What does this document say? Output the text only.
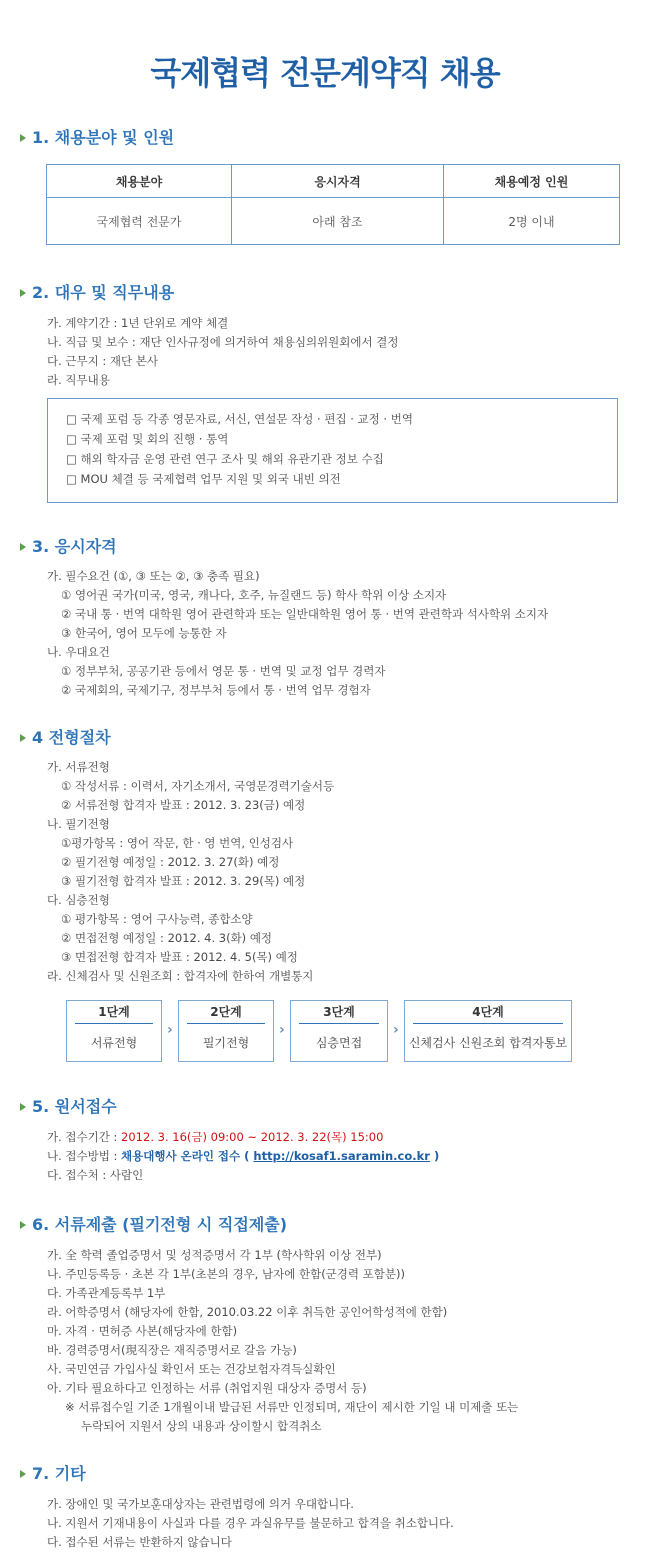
국제협력 전문계약직 채용
1. 채용분야 및 인원
채용분야	응시자격	채용예정 인원
국제협력 전문가	아래 참조	2명 이내
2. 대우 및 직무내용
가. 계약기간 : 1년 단위로 계약 체결
나. 직급 및 보수 : 재단 인사규정에 의거하여 채용심의위원회에서 결정
다. 근무지 : 재단 본사
라. 직무내용
□ 국제 포럼 등 각종 영문자료, 서신, 연설문 작성 · 편집 · 교정 · 번역
□ 국제 포럼 및 회의 진행 · 통역
□ 해외 학자금 운영 관련 연구 조사 및 해외 유관기관 정보 수집
□ MOU 체결 등 국제협력 업무 지원 및 외국 내빈 의전
3. 응시자격
가. 필수요건 (①, ③ 또는 ②, ③ 충족 필요)
① 영어권 국가(미국, 영국, 캐나다, 호주, 뉴질랜드 등) 학사 학위 이상 소지자
② 국내 통 · 번역 대학원 영어 관련학과 또는 일반대학원 영어 통 · 번역 관련학과 석사학위 소지자
③ 한국어, 영어 모두에 능통한 자
나. 우대요건
① 정부부처, 공공기관 등에서 영문 통 · 번역 및 교정 업무 경력자
② 국제회의, 국제기구, 정부부처 등에서 통 · 번역 업무 경험자
4 전형절차
가. 서류전형
① 작성서류 : 이력서, 자기소개서, 국영문경력기술서등
② 서류전형 합격자 발표 : 2012. 3. 23(금) 예정
나. 필기전형
①평가항목 : 영어 작문, 한 · 영 번역, 인성검사
② 필기전형 예정일 : 2012. 3. 27(화) 예정
③ 필기전형 합격자 발표 : 2012. 3. 29(목) 예정
다. 심층전형
① 평가항목 : 영어 구사능력, 종합소양
② 면접전형 예정일 : 2012. 4. 3(화) 예정
③ 면접전형 합격자 발표 : 2012. 4. 5(목) 예정
라. 신체검사 및 신원조회 : 합격자에 한하여 개별통지
1단계
서류전형
›
2단계
필기전형
›
3단계
심층면접
›
4단계
신체검사 신원조회 합격자통보
5. 원서접수
가. 접수기간 : 2012. 3. 16(금) 09:00 ~ 2012. 3. 22(목) 15:00
나. 접수방법 : 채용대행사 온라인 접수 ( http://kosaf1.saramin.co.kr )
다. 접수처 : 사람인
6. 서류제출 (필기전형 시 직접제출)
가. 全 학력 졸업증명서 및 성적증명서 각 1부 (학사학위 이상 전부)
나. 주민등록등 · 초본 각 1부(초본의 경우, 남자에 한함(군경력 포함분))
다. 가족관계등록부 1부
라. 어학증명서 (해당자에 한함, 2010.03.22 이후 취득한 공인어학성적에 한함)
마. 자격 · 면허증 사본(해당자에 한함)
바. 경력증명서(現직장은 재직증명서로 갈음 가능)
사. 국민연금 가입사실 확인서 또는 건강보험자격득실확인
아. 기타 필요하다고 인정하는 서류 (취업지원 대상자 증명서 등)
※ 서류접수일 기준 1개월이내 발급된 서류만 인정되며, 재단이 제시한 기일 내 미제출 또는
누락되어 지원서 상의 내용과 상이할시 합격취소
7. 기타
가. 장애인 및 국가보훈대상자는 관련법령에 의거 우대합니다.
나. 지원서 기재내용이 사실과 다를 경우 과실유무를 불문하고 합격을 취소합니다.
다. 접수된 서류는 반환하지 않습니다
